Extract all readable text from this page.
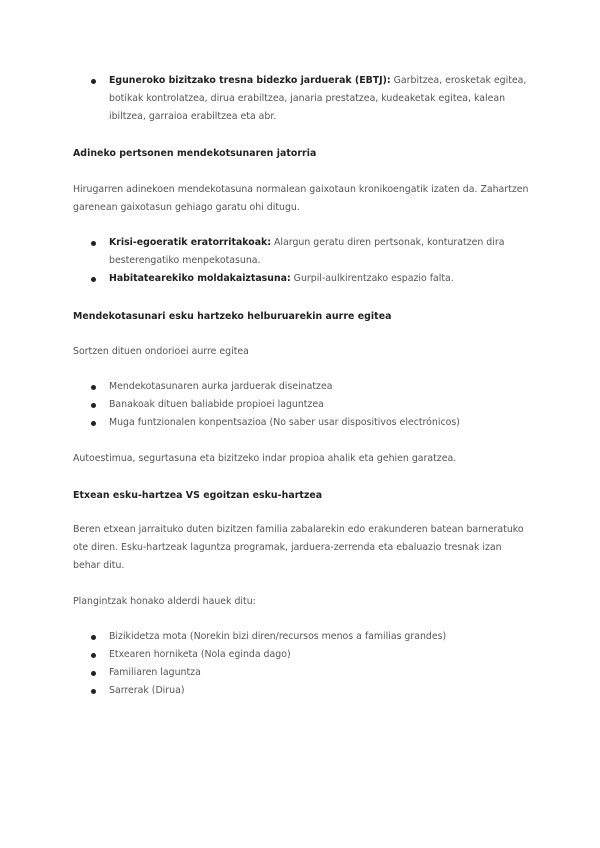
Eguneroko bizitzako tresna bidezko jarduerak (EBTJ): Garbitzea, erosketak egitea, botikak kontrolatzea, dirua erabiltzea, janaria prestatzea, kudeaketak egitea, kalean ibiltzea, garraioa erabiltzea eta abr.

Adineko pertsonen mendekotsunaren jatorria

Hirugarren adinekoen mendekotasuna normalean gaixotaun kronikoengatik izaten da. Zahartzen garenean gaixotasun gehiago garatu ohi ditugu.

Krisi-egoeratik eratorritakoak: Alargun geratu diren pertsonak, konturatzen dira besterengatiko menpekotasuna.
Habitatearekiko moldakaiztasuna: Gurpil-aulkirentzako espazio falta.

Mendekotasunari esku hartzeko helburuarekin aurre egitea

Sortzen dituen ondorioei aurre egitea

Mendekotasunaren aurka jarduerak diseinatzea
Banakoak dituen baliabide propioei laguntzea
Muga funtzionalen konpentsazioa (No saber usar dispositivos electrónicos)

Autoestimua, segurtasuna eta bizitzeko indar propioa ahalik eta gehien garatzea.

Etxean esku-hartzea VS egoitzan esku-hartzea

Beren etxean jarraituko duten bizitzen familia zabalarekin edo erakunderen batean barneratuko ote diren. Esku-hartzeak laguntza programak, jarduera-zerrenda eta ebaluazio tresnak izan behar ditu.

Plangintzak honako alderdi hauek ditu:

Bizikidetza mota (Norekin bizi diren/recursos menos a familias grandes)
Etxearen horniketa (Nola eginda dago)
Familiaren laguntza
Sarrerak (Dirua)
